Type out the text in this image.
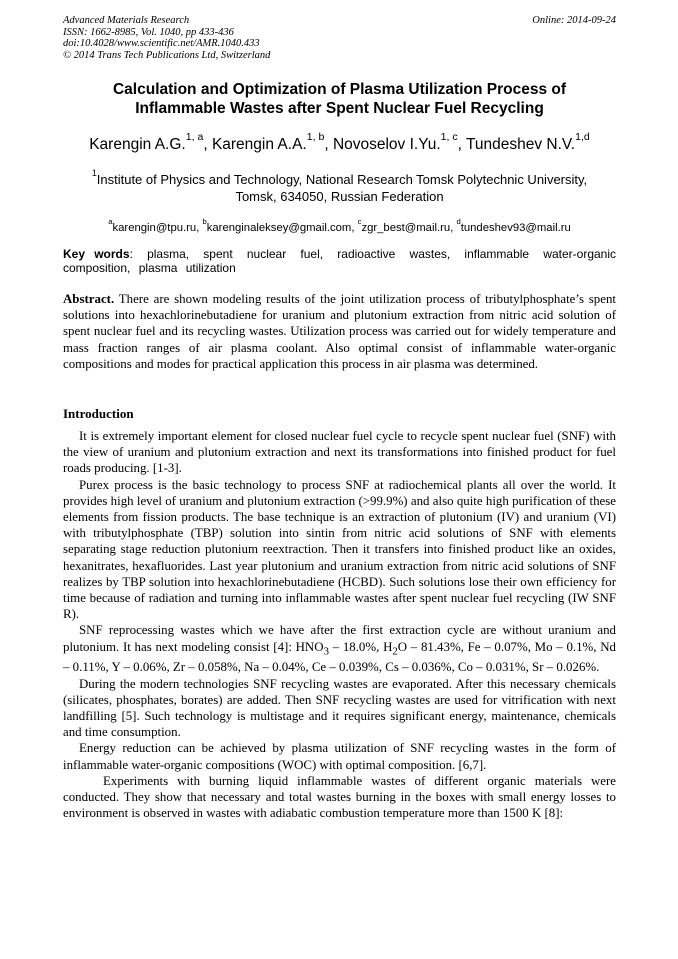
Advanced Materials Research
ISSN: 1662-8985, Vol. 1040, pp 433-436
doi:10.4028/www.scientific.net/AMR.1040.433
© 2014 Trans Tech Publications Ltd, Switzerland
Online: 2014-09-24
Calculation and Optimization of Plasma Utilization Process of
Inflammable Wastes after Spent Nuclear Fuel Recycling
Karengin A.G.$^{1, a}$, Karengin A.A.$^{1, b}$, Novoselov I.Yu.$^{1, c}$, Tundeshev N.V.$^{1,d}$
$^1$Institute of Physics and Technology, National Research Tomsk Polytechnic University,
Tomsk, 634050, Russian Federation
$^a$karengin@tpu.ru, $^b$karenginaleksey@gmail.com, $^c$zgr_best@mail.ru, $^d$tundeshev93@mail.ru
Key words: plasma, spent nuclear fuel, radioactive wastes, inflammable water-organic composition, plasma utilization
Abstract. There are shown modeling results of the joint utilization process of tributylphosphate’s spent solutions into hexachlorinebutadiene for uranium and plutonium extraction from nitric acid solution of spent nuclear fuel and its recycling wastes. Utilization process was carried out for widely temperature and mass fraction ranges of air plasma coolant. Also optimal consist of inflammable water-organic compositions and modes for practical application this process in air plasma was determined.
Introduction

It is extremely important element for closed nuclear fuel cycle to recycle spent nuclear fuel (SNF) with the view of uranium and plutonium extraction and next its transformations into finished product for fuel roads producing. [1-3].

Purex process is the basic technology to process SNF at radiochemical plants all over the world. It provides high level of uranium and plutonium extraction (>99.9%) and also quite high purification of these elements from fission products. The base technique is an extraction of plutonium (IV) and uranium (VI) with tributylphosphate (TBP) solution into sintin from nitric acid solutions of SNF with elements separating stage reduction plutonium reextraction. Then it transfers into finished product like an oxides, hexanitrates, hexafluorides. Last year plutonium and uranium extraction from nitric acid solutions of SNF realizes by TBP solution into hexachlorinebutadiene (HCBD). Such solutions lose their own efficiency for time because of radiation and turning into inflammable wastes after spent nuclear fuel recycling (IW SNF R).

SNF reprocessing wastes which we have after the first extraction cycle are without uranium and plutonium. It has next modeling consist [4]: $HNO_3 - 18.0\%$, $H_2O - 81.43\%$, Fe – 0.07%, Mo – 0.1%, Nd – 0.11%, Y – 0.06%, Zr – 0.058%, Na – 0.04%, Ce – 0.039%, Cs – 0.036%, Co – 0.031%, Sr – 0.026%.

During the modern technologies SNF recycling wastes are evaporated. After this necessary chemicals (silicates, phosphates, borates) are added. Then SNF recycling wastes are used for vitrification with next landfilling [5]. Such technology is multistage and it requires significant energy, maintenance, chemicals and time consumption.

Energy reduction can be achieved by plasma utilization of SNF recycling wastes in the form of inflammable water-organic compositions (WOC) with optimal composition. [6,7].

Experiments with burning liquid inflammable wastes of different organic materials were conducted. They show that necessary and total wastes burning in the boxes with small energy losses to environment is observed in wastes with adiabatic combustion temperature more than 1500 K [8]:
